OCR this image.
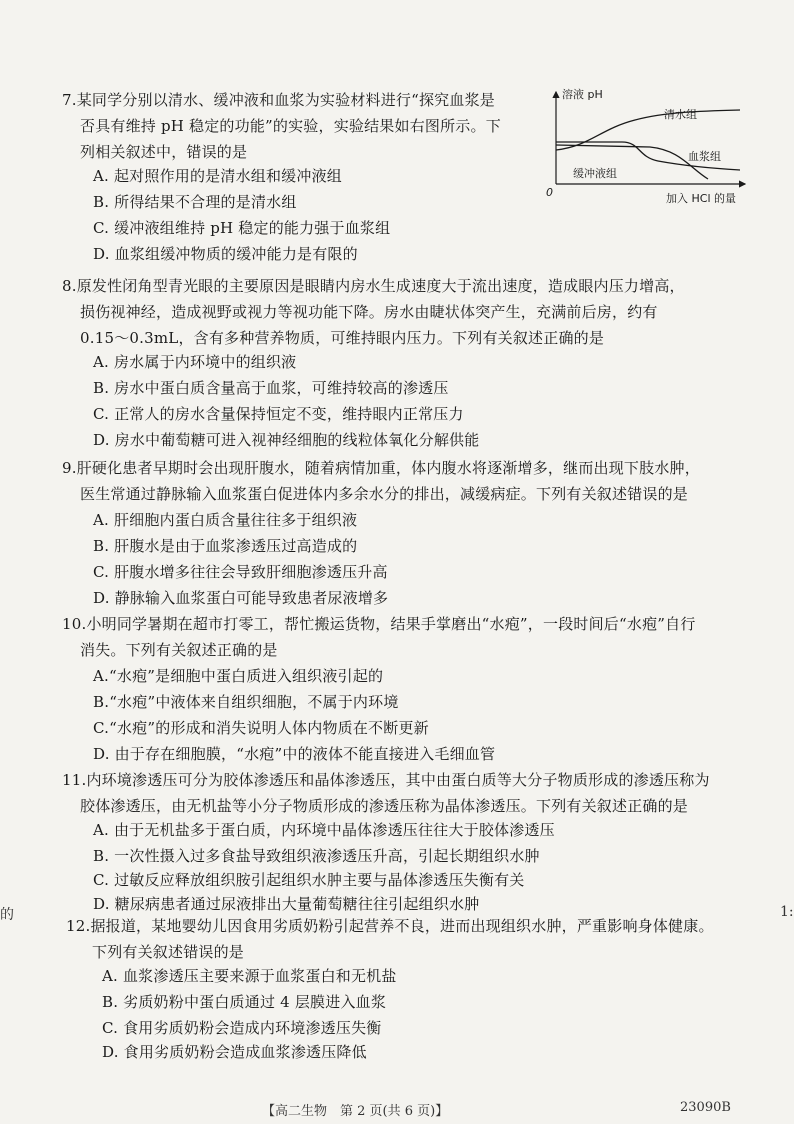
7.某同学分别以清水、缓冲液和血浆为实验材料进行“探究血浆是
否具有维持 pH 稳定的功能”的实验，实验结果如右图所示。下
列相关叙述中，错误的是
A. 起对照作用的是清水组和缓冲液组
B. 所得结果不合理的是清水组
C. 缓冲液组维持 pH 稳定的能力强于血浆组
D. 血浆组缓冲物质的缓冲能力是有限的
溶液 pH
0	加入 HCl 的量
清水组
血浆组
缓冲液组
8.原发性闭角型青光眼的主要原因是眼睛内房水生成速度大于流出速度，造成眼内压力增高，
损伤视神经，造成视野或视力等视功能下降。房水由睫状体突产生，充满前后房，约有
0.15～0.3mL，含有多种营养物质，可维持眼内压力。下列有关叙述正确的是
A. 房水属于内环境中的组织液
B. 房水中蛋白质含量高于血浆，可维持较高的渗透压
C. 正常人的房水含量保持恒定不变，维持眼内正常压力
D. 房水中葡萄糖可进入视神经细胞的线粒体氧化分解供能
9.肝硬化患者早期时会出现肝腹水，随着病情加重，体内腹水将逐渐增多，继而出现下肢水肿，
医生常通过静脉输入血浆蛋白促进体内多余水分的排出，减缓病症。下列有关叙述错误的是
A. 肝细胞内蛋白质含量往往多于组织液
B. 肝腹水是由于血浆渗透压过高造成的
C. 肝腹水增多往往会导致肝细胞渗透压升高
D. 静脉输入血浆蛋白可能导致患者尿液增多
10.小明同学暑期在超市打零工，帮忙搬运货物，结果手掌磨出“水疱”，一段时间后“水疱”自行
消失。下列有关叙述正确的是
A.“水疱”是细胞中蛋白质进入组织液引起的
B.“水疱”中液体来自组织细胞，不属于内环境
C.“水疱”的形成和消失说明人体内物质在不断更新
D. 由于存在细胞膜，“水疱”中的液体不能直接进入毛细血管
11.内环境渗透压可分为胶体渗透压和晶体渗透压，其中由蛋白质等大分子物质形成的渗透压称为
胶体渗透压，由无机盐等小分子物质形成的渗透压称为晶体渗透压。下列有关叙述正确的是
A. 由于无机盐多于蛋白质，内环境中晶体渗透压往往大于胶体渗透压
B. 一次性摄入过多食盐导致组织液渗透压升高，引起长期组织水肿
C. 过敏反应释放组织胺引起组织水肿主要与晶体渗透压失衡有关
D. 糖尿病患者通过尿液排出大量葡萄糖往往引起组织水肿
12.据报道，某地婴幼儿因食用劣质奶粉引起营养不良，进而出现组织水肿，严重影响身体健康。
下列有关叙述错误的是
A. 血浆渗透压主要来源于血浆蛋白和无机盐
B. 劣质奶粉中蛋白质通过 4 层膜进入血浆
C. 食用劣质奶粉会造成内环境渗透压失衡
D. 食用劣质奶粉会造成血浆渗透压降低
的	1:
【高二生物　第 2 页(共 6 页)】	23090B
